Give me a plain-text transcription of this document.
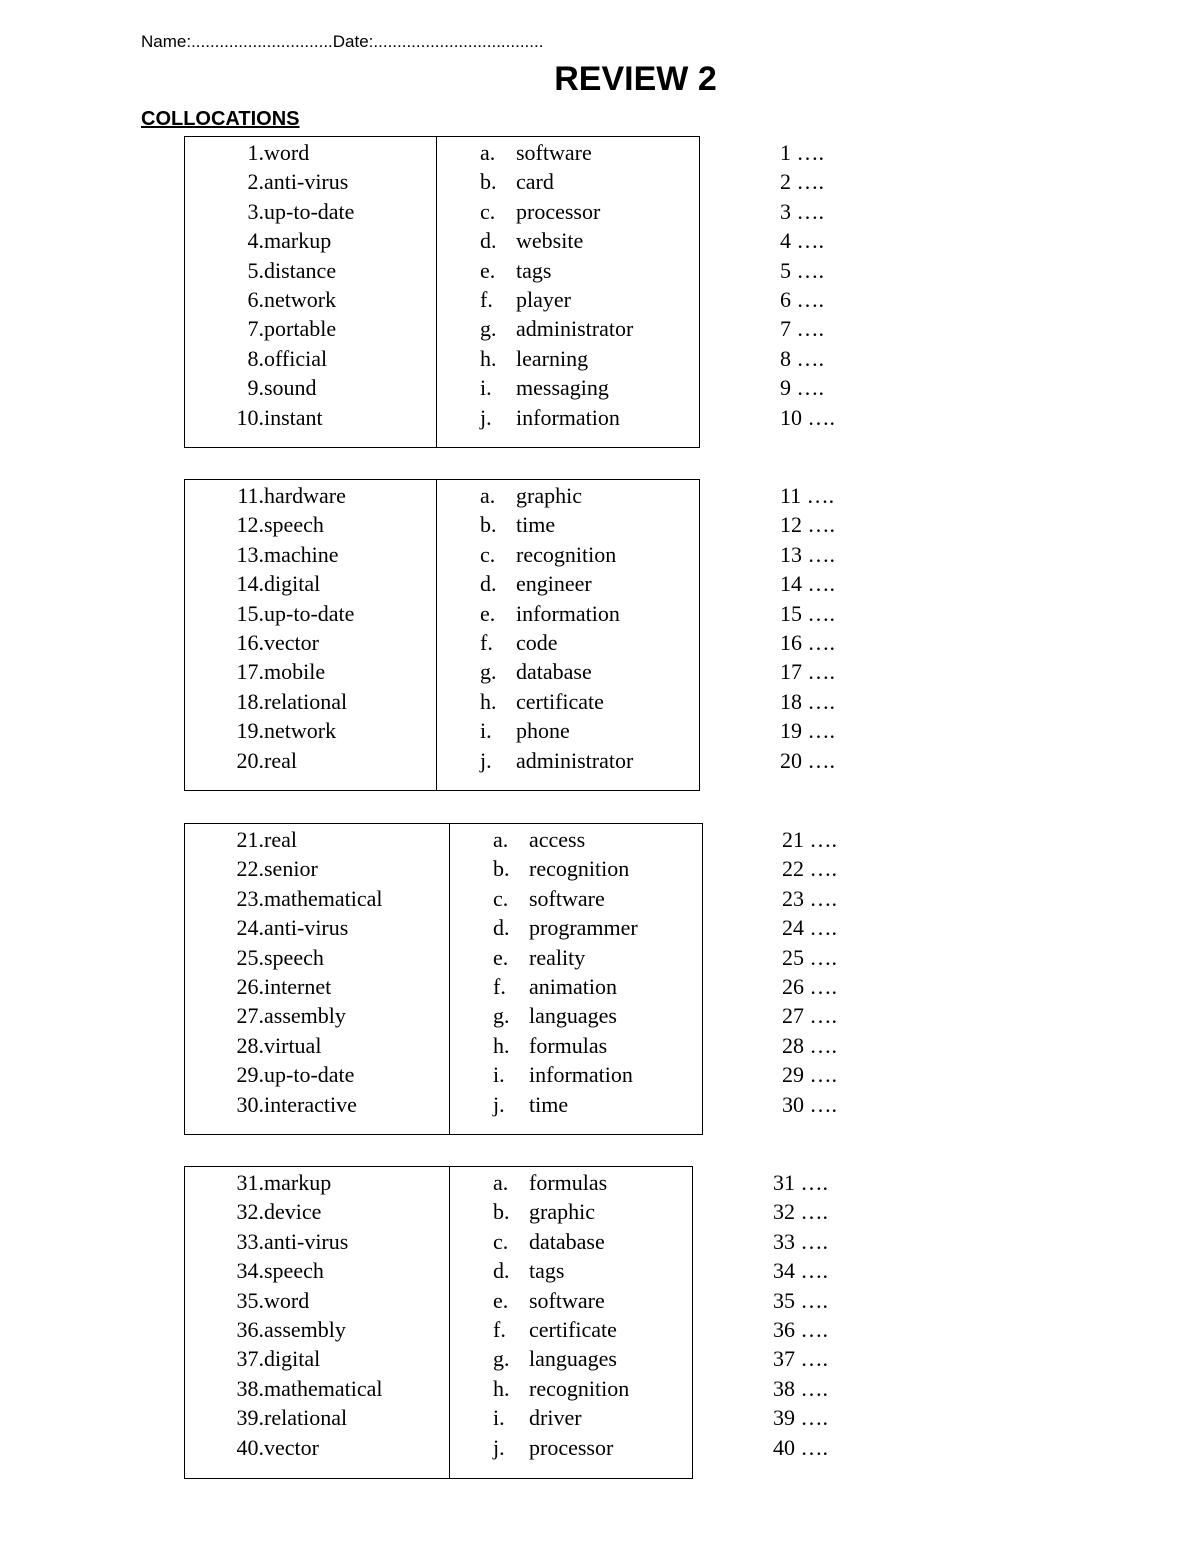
Name:..............................Date:....................................
REVIEW 2
COLLOCATIONS
1. word
2. anti-virus
3. up-to-date
4. markup
5. distance
6. network
7. portable
8. official
9. sound
10. instant
a. software
b. card
c. processor
d. website
e. tags
f. player
g. administrator
h. learning
i. messaging
j. information
1 ….
2 ….
3 ….
4 ….
5 ….
6 ….
7 ….
8 ….
9 ….
10 ….
11. hardware
12. speech
13. machine
14. digital
15. up-to-date
16. vector
17. mobile
18. relational
19. network
20. real
a. graphic
b. time
c. recognition
d. engineer
e. information
f. code
g. database
h. certificate
i. phone
j. administrator
11 ….
12 ….
13 ….
14 ….
15 ….
16 ….
17 ….
18 ….
19 ….
20 ….
21. real
22. senior
23. mathematical
24. anti-virus
25. speech
26. internet
27. assembly
28. virtual
29. up-to-date
30. interactive
a. access
b. recognition
c. software
d. programmer
e. reality
f. animation
g. languages
h. formulas
i. information
j. time
21 ….
22 ….
23 ….
24 ….
25 ….
26 ….
27 ….
28 ….
29 ….
30 ….
31. markup
32. device
33. anti-virus
34. speech
35. word
36. assembly
37. digital
38. mathematical
39. relational
40. vector
a. formulas
b. graphic
c. database
d. tags
e. software
f. certificate
g. languages
h. recognition
i. driver
j. processor
31 ….
32 ….
33 ….
34 ….
35 ….
36 ….
37 ….
38 ….
39 ….
40 ….
